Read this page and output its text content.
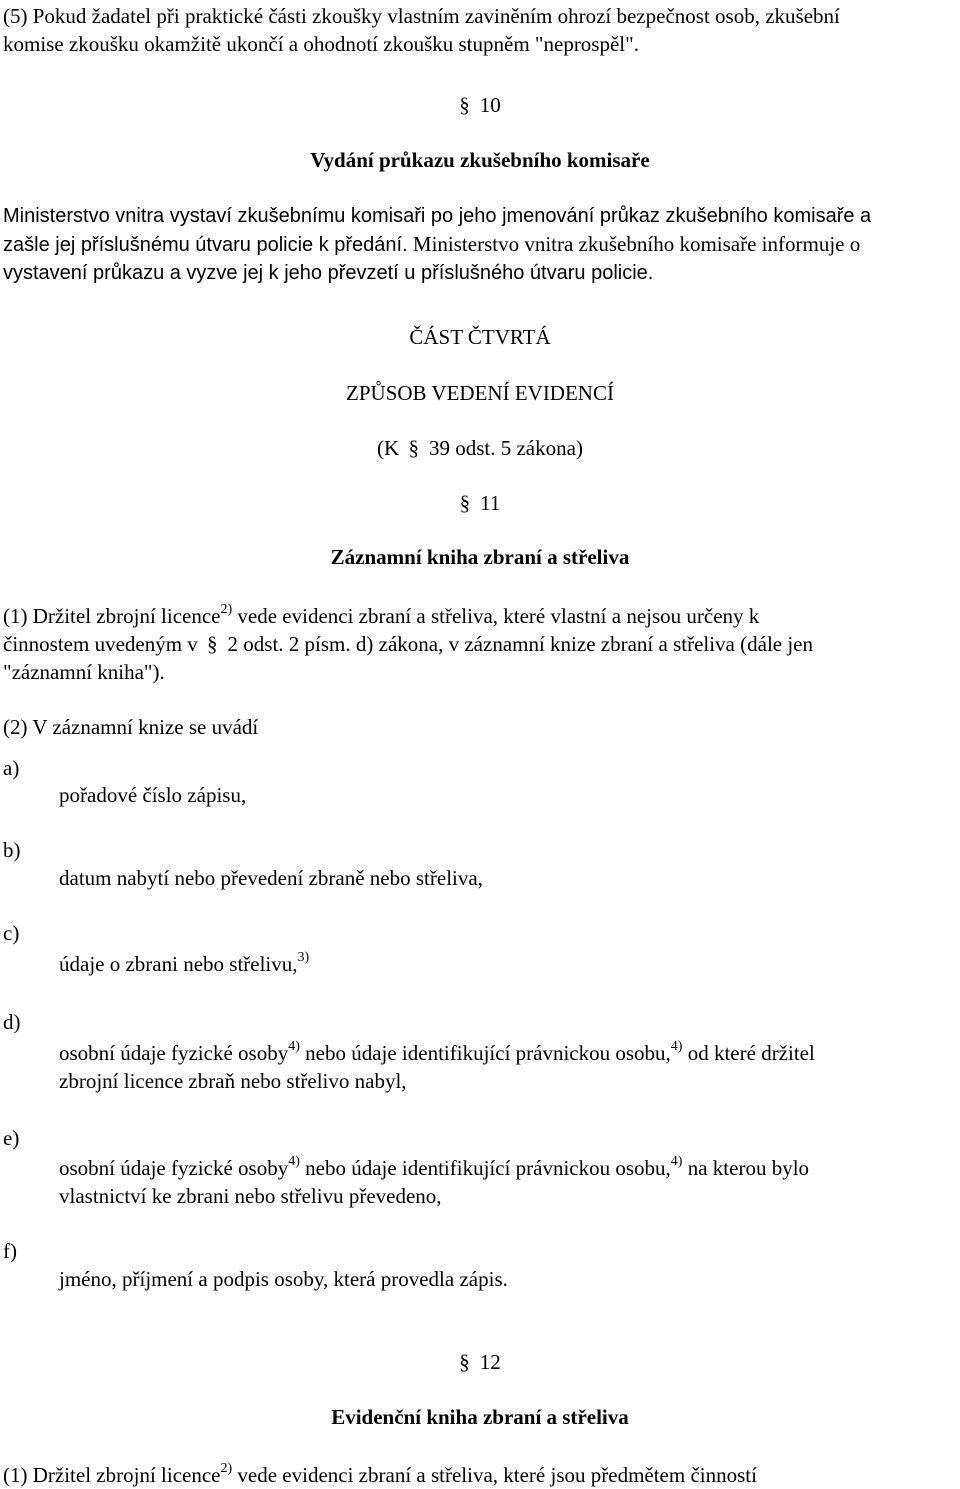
(5) Pokud žadatel při praktické části zkoušky vlastním zaviněním ohrozí bezpečnost osob, zkušební
komise zkoušku okamžitě ukončí a ohodnotí zkoušku stupněm "neprospěl".
§ 10
Vydání průkazu zkušebního komisaře
Ministerstvo vnitra vystaví zkušebnímu komisaři po jeho jmenování průkaz zkušebního komisaře a
zašle jej příslušnému útvaru policie k předání. Ministerstvo vnitra zkušebního komisaře informuje o
vystavení průkazu a vyzve jej k jeho převzetí u příslušného útvaru policie.
ČÁST ČTVRTÁ
ZPŮSOB VEDENÍ EVIDENCÍ
(K § 39 odst. 5 zákona)
§ 11
Záznamní kniha zbraní a střeliva
(1) Držitel zbrojní licence$^{2)}$ vede evidenci zbraní a střeliva, které vlastní a nejsou určeny k
činnostem uvedeným v § 2 odst. 2 písm. d) zákona, v záznamní knize zbraní a střeliva (dále jen
"záznamní kniha").
(2) V záznamní knize se uvádí
a)
pořadové číslo zápisu,
b)
datum nabytí nebo převedení zbraně nebo střeliva,
c)
údaje o zbrani nebo střelivu,$^{3)}$
d)
osobní údaje fyzické osoby$^{4)}$ nebo údaje identifikující právnickou osobu,$^{4)}$ od které držitel
zbrojní licence zbraň nebo střelivo nabyl,
e)
osobní údaje fyzické osoby$^{4)}$ nebo údaje identifikující právnickou osobu,$^{4)}$ na kterou bylo
vlastnictví ke zbrani nebo střelivu převedeno,
f)
jméno, příjmení a podpis osoby, která provedla zápis.
§ 12
Evidenční kniha zbraní a střeliva
(1) Držitel zbrojní licence$^{2)}$ vede evidenci zbraní a střeliva, které jsou předmětem činností
